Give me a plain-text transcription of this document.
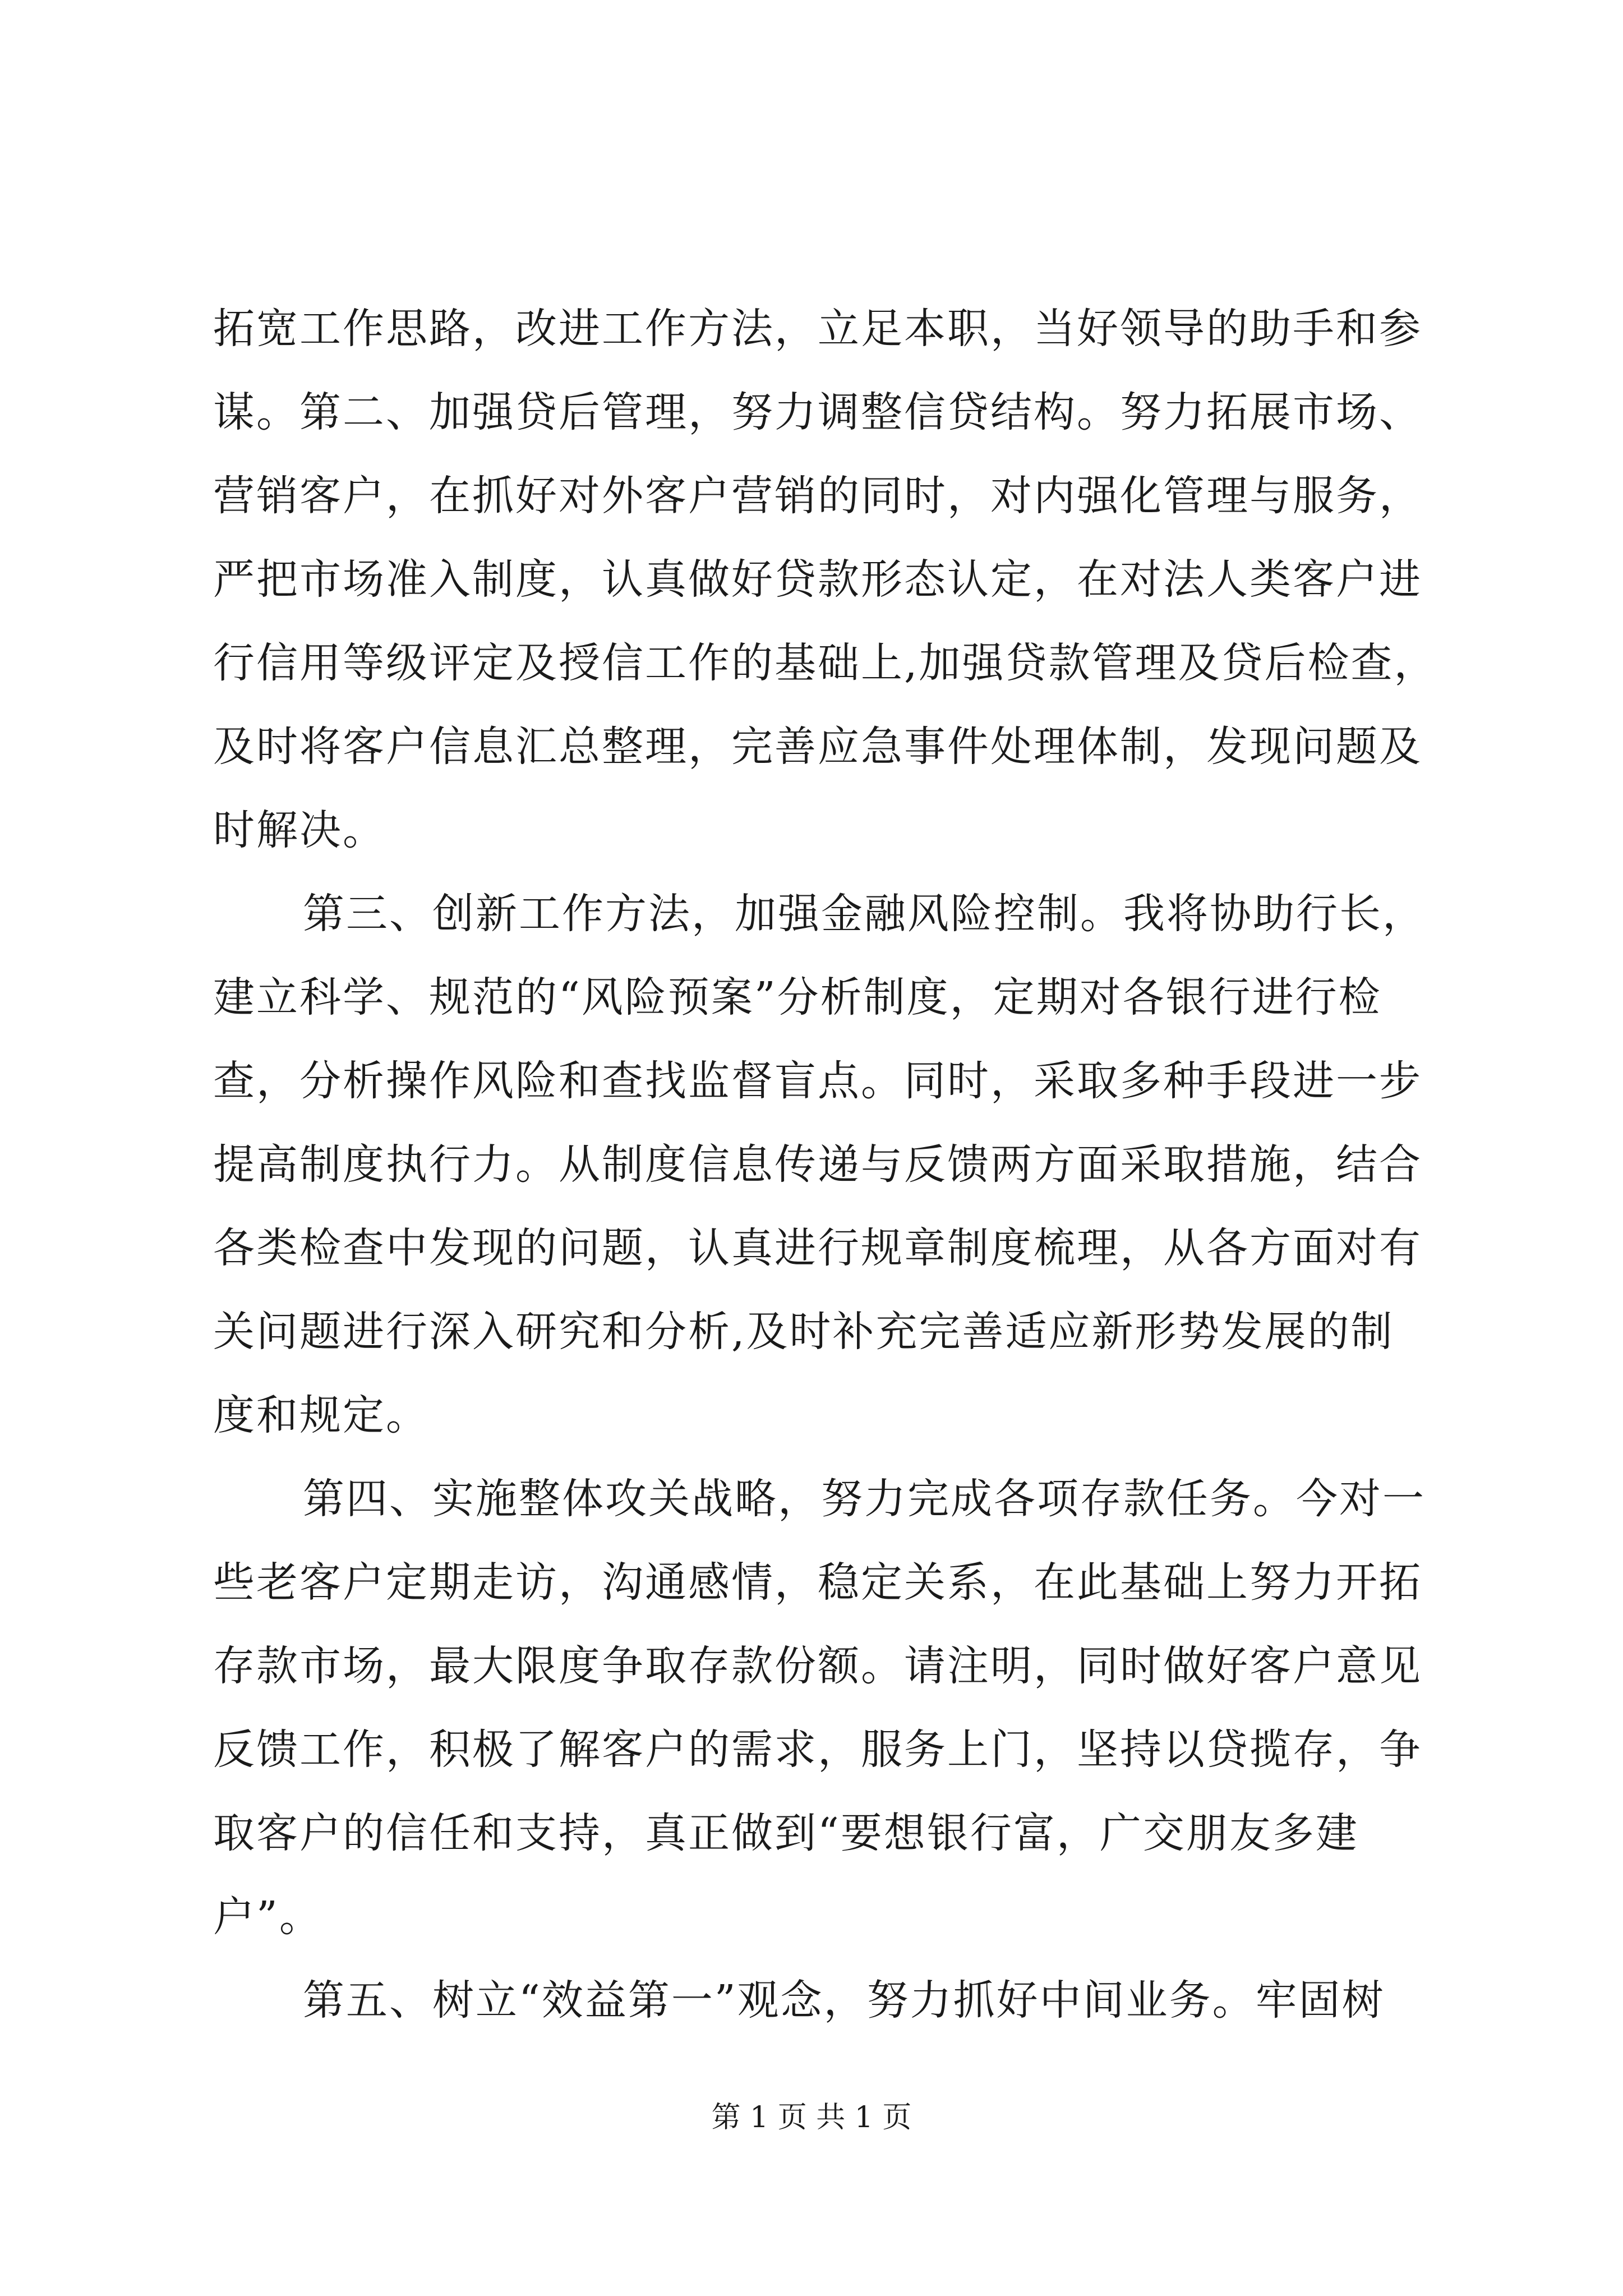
拓宽工作思路，改进工作方法，立足本职，当好领导的助手和参
谋。第二、加强贷后管理，努力调整信贷结构。努力拓展市场、
营销客户，在抓好对外客户营销的同时，对内强化管理与服务，
严把市场准入制度，认真做好贷款形态认定，在对法人类客户进
行信用等级评定及授信工作的基础上,加强贷款管理及贷后检查，
及时将客户信息汇总整理，完善应急事件处理体制，发现问题及
时解决。
第三、创新工作方法，加强金融风险控制。我将协助行长，
建立科学、规范的“风险预案”分析制度，定期对各银行进行检
查，分析操作风险和查找监督盲点。同时，采取多种手段进一步
提高制度执行力。从制度信息传递与反馈两方面采取措施，结合
各类检查中发现的问题，认真进行规章制度梳理，从各方面对有
关问题进行深入研究和分析,及时补充完善适应新形势发展的制
度和规定。
第四、实施整体攻关战略，努力完成各项存款任务。今对一
些老客户定期走访，沟通感情，稳定关系，在此基础上努力开拓
存款市场，最大限度争取存款份额。请注明，同时做好客户意见
反馈工作，积极了解客户的需求，服务上门，坚持以贷揽存，争
取客户的信任和支持，真正做到“要想银行富，广交朋友多建
户”。
第五、树立“效益第一”观念，努力抓好中间业务。牢固树
第 1 页 共 1 页
